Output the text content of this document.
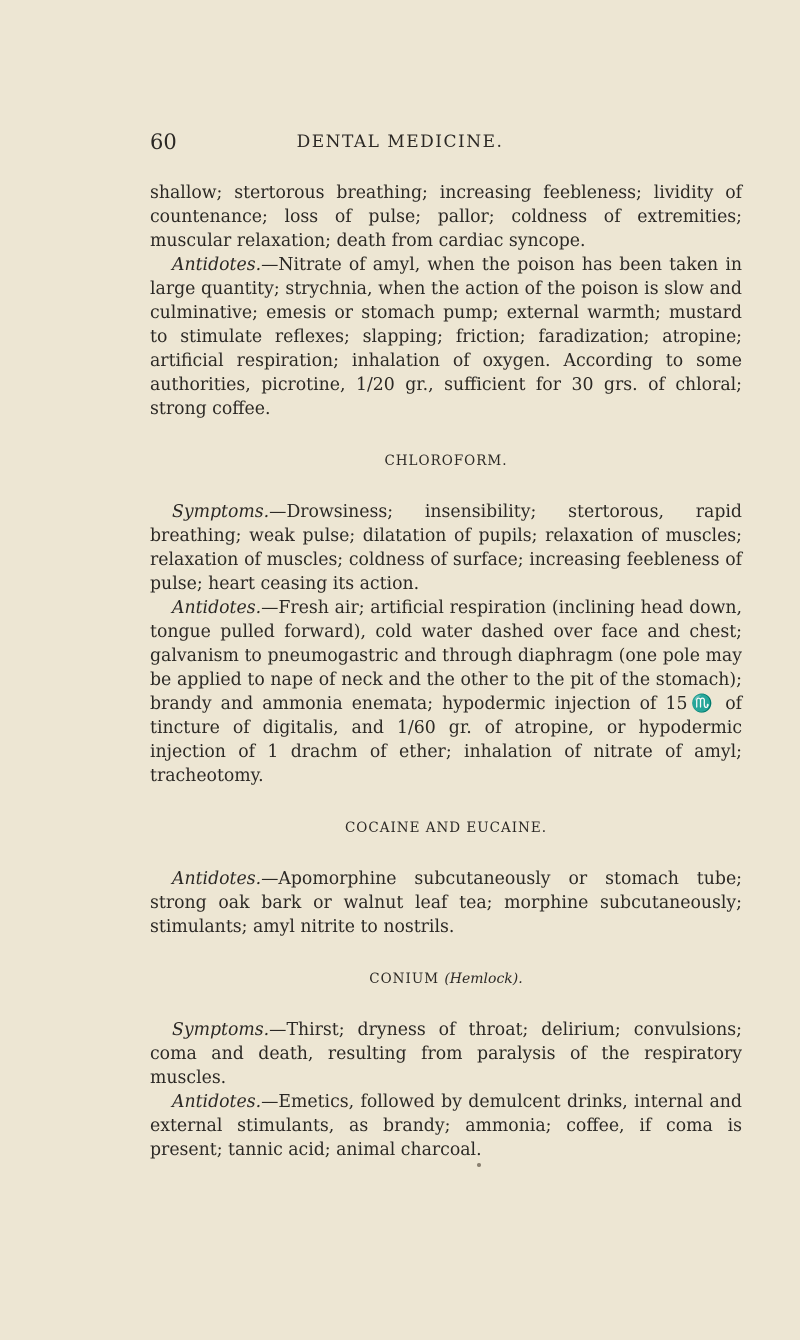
60	DENTAL MEDICINE.

shallow; stertorous breathing; increasing feebleness; lividity of countenance; loss of pulse; pallor; coldness of extremities; muscular relaxation; death from cardiac syncope.

Antidotes.—Nitrate of amyl, when the poison has been taken in large quantity; strychnia, when the action of the poison is slow and culminative; emesis or stomach pump; external warmth; mustard to stimulate reflexes; slapping; friction; faradization; atropine; artificial respiration; inhalation of oxygen. According to some authorities, picrotine, 1/20 gr., sufficient for 30 grs. of chloral; strong coffee.

CHLOROFORM.

Symptoms.—Drowsiness; insensibility; stertorous, rapid breathing; weak pulse; dilatation of pupils; relaxation of muscles; relaxation of muscles; coldness of surface; increasing feebleness of pulse; heart ceasing its action.

Antidotes.—Fresh air; artificial respiration (inclining head down, tongue pulled forward), cold water dashed over face and chest; galvanism to pneumogastric and through diaphragm (one pole may be applied to nape of neck and the other to the pit of the stomach); brandy and ammonia enemata; hypodermic injection of 15♏ of tincture of digitalis, and 1/60 gr. of atropine, or hypodermic injection of 1 drachm of ether; inhalation of nitrate of amyl; tracheotomy.

COCAINE AND EUCAINE.

Antidotes.—Apomorphine subcutaneously or stomach tube; strong oak bark or walnut leaf tea; morphine subcutaneously; stimulants; amyl nitrite to nostrils.

CONIUM (Hemlock).

Symptoms.—Thirst; dryness of throat; delirium; convulsions; coma and death, resulting from paralysis of the respiratory muscles.

Antidotes.—Emetics, followed by demulcent drinks, internal and external stimulants, as brandy; ammonia; coffee, if coma is present; tannic acid; animal charcoal.
